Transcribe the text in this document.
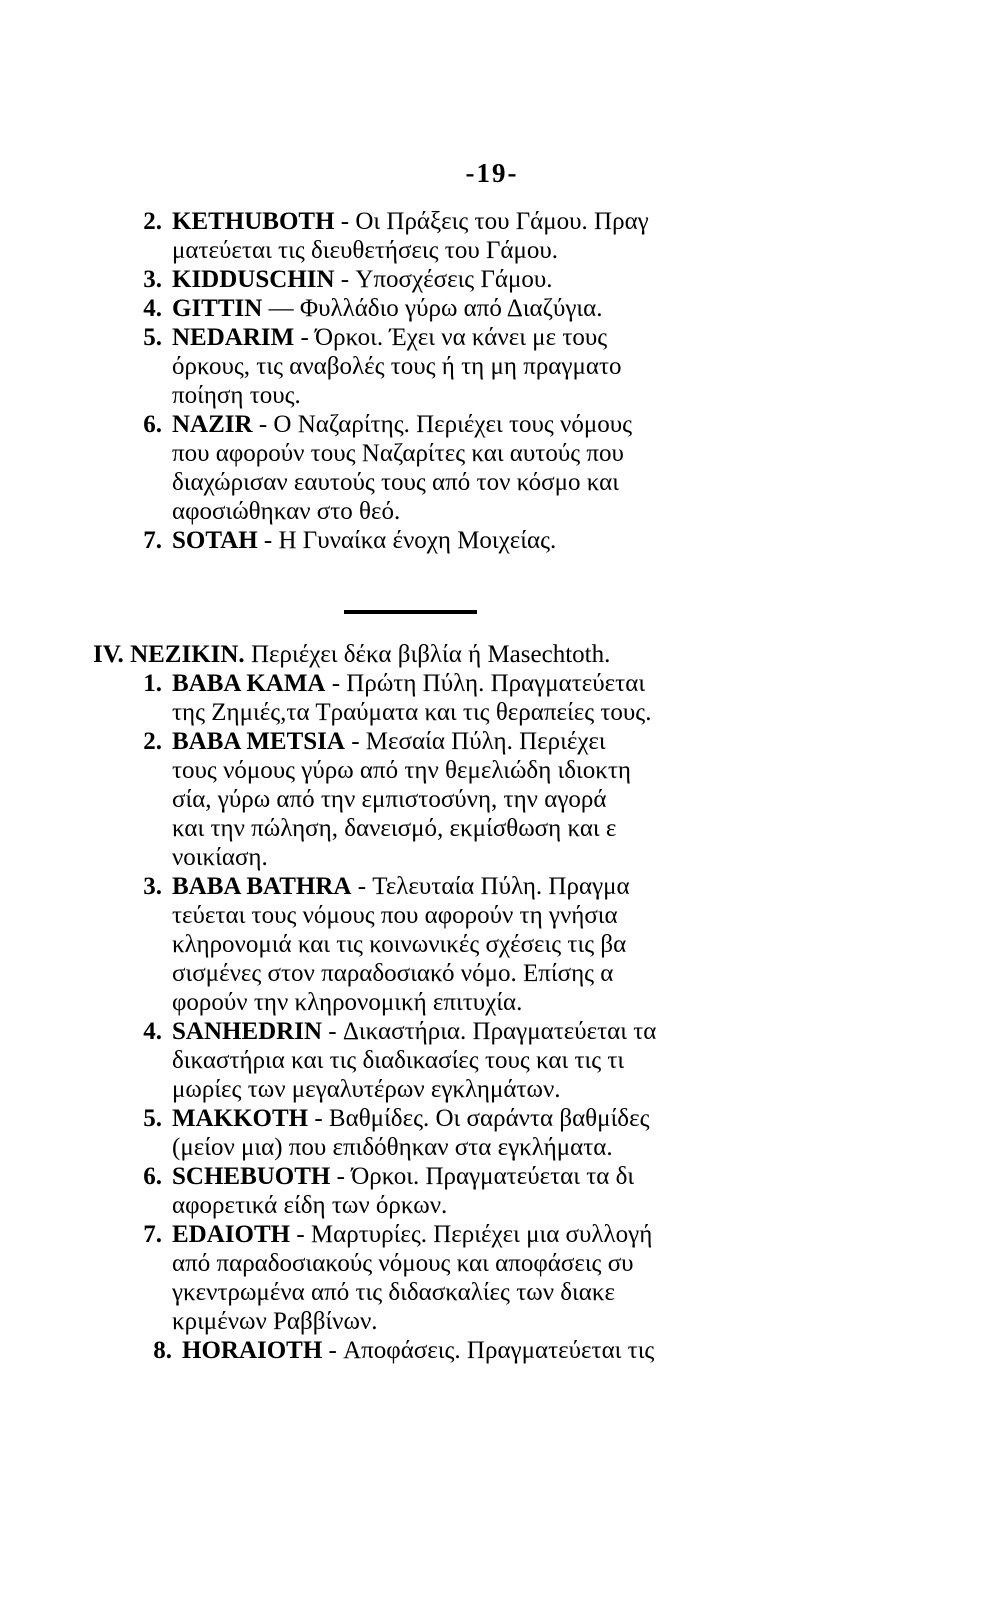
-19-
2. KETHUBOTH - Οι Πράξεις του Γάμου. Πραγ
ματεύεται τις διευθετήσεις του Γάμου.
3. KIDDUSCHIN - Υποσχέσεις Γάμου.
4. GITTIN — Φυλλάδιο γύρω από Διαζύγια.
5. NEDARIM - Όρκοι. Έχει να κάνει με τους
όρκους, τις αναβολές τους ή τη μη πραγματο
ποίηση τους.
6. NAZIR - Ο Ναζαρίτης. Περιέχει τους νόμους
που αφορούν τους Ναζαρίτες και αυτούς που
διαχώρισαν εαυτούς τους από τον κόσμο και
αφοσιώθηκαν στο θεό.
7. SOTAH - Η Γυναίκα ένοχη Μοιχείας.
IV. NEZIKIN. Περιέχει δέκα βιβλία ή Masechtoth.
1. BABA KAMA - Πρώτη Πύλη. Πραγματεύεται
της Ζημιές,τα Τραύματα και τις θεραπείες τους.
2. BABA METSIA - Μεσαία Πύλη. Περιέχει
τους νόμους γύρω από την θεμελιώδη ιδιοκτη
σία, γύρω από την εμπιστοσύνη, την αγορά
και την πώληση, δανεισμό, εκμίσθωση και ε
νοικίαση.
3. BABA BATHRA - Τελευταία Πύλη. Πραγμα
τεύεται τους νόμους που αφορούν τη γνήσια
κληρονομιά και τις κοινωνικές σχέσεις τις βα
σισμένες στον παραδοσιακό νόμο. Επίσης α
φορούν την κληρονομική επιτυχία.
4. SANHEDRIN - Δικαστήρια. Πραγματεύεται τα
δικαστήρια και τις διαδικασίες τους και τις τι
μωρίες των μεγαλυτέρων εγκλημάτων.
5. MAKKOTH - Βαθμίδες. Οι σαράντα βαθμίδες
(μείον μια) που επιδόθηκαν στα εγκλήματα.
6. SCHEBUOTH - Όρκοι. Πραγματεύεται τα δι
αφορετικά είδη των όρκων.
7. EDAIOTH - Μαρτυρίες. Περιέχει μια συλλογή
από παραδοσιακούς νόμους και αποφάσεις συ
γκεντρωμένα από τις διδασκαλίες των διακε
κριμένων Ραββίνων.
8. HORAIOTH - Αποφάσεις. Πραγματεύεται τις
